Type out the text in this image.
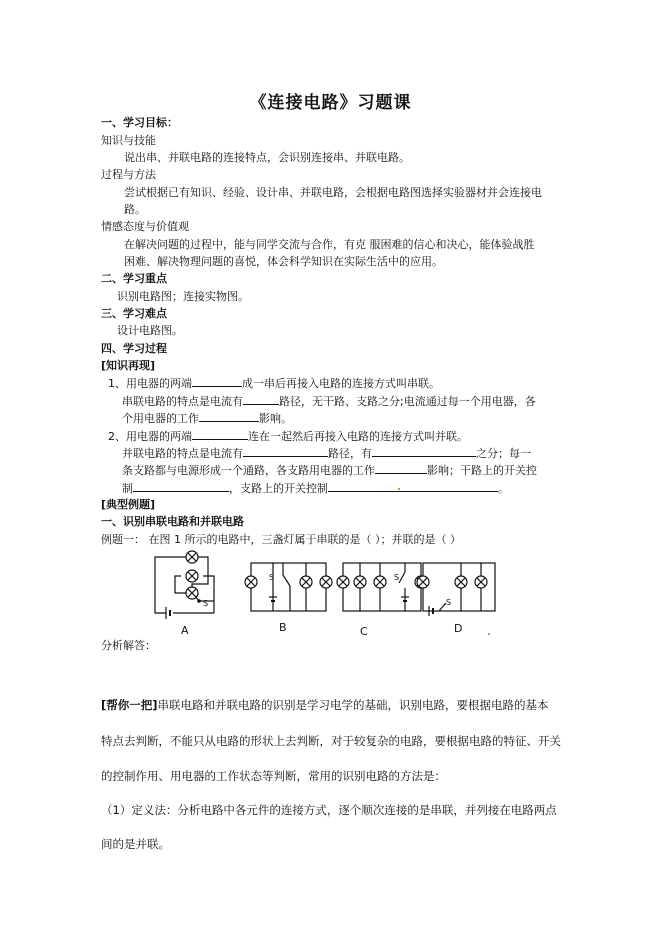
《连接电路》习题课
一、学习目标：
知识与技能
说出串、并联电路的连接特点，会识别连接串、并联电路。
过程与方法
尝试根据已有知识、经验、设计串、并联电路，会根据电路图选择实验器材并会连接电
路。
情感态度与价值观
在解决问题的过程中，能与同学交流与合作，有克 服困难的信心和决心，能体验战胜
困难、解决物理问题的喜悦，体会科学知识在实际生活中的应用。
二、学习重点
识别电路图；连接实物图。
三、学习难点
设计电路图。
四、学习过程
[知识再现]
1、用电器的两端	成一串后再接入电路的连接方式叫串联。
串联电路的特点是电流有	路径，无干路、支路之分;电流通过每一个用电器，各
个用电器的工作	影响。
2、用电器的两端	连在一起然后再接入电路的连接方式叫并联。
并联电路的特点是电流有	路径，有	之分；每一
条支路都与电源形成一个通路，各支路用电器的工作	影响；干路上的开关控
制	，支路上的开关控制	。
[典型例题]
一、识别串联电路和并联电路
例题一： 在图 1 所示的电路中，三盏灯属于串联的是（ ）；并联的是（ ）
S
S	S
S
A	B	C	D
分析解答：
[帮你一把]串联电路和并联电路的识别是学习电学的基础，识别电路，要根据电路的基本
特点去判断，不能只从电路的形状上去判断，对于较复杂的电路，要根据电路的特征、开关
的控制作用、用电器的工作状态等判断，常用的识别电路的方法是：
（1）定义法：分析电路中各元件的连接方式，逐个顺次连接的是串联，并列接在电路两点
间的是并联。
